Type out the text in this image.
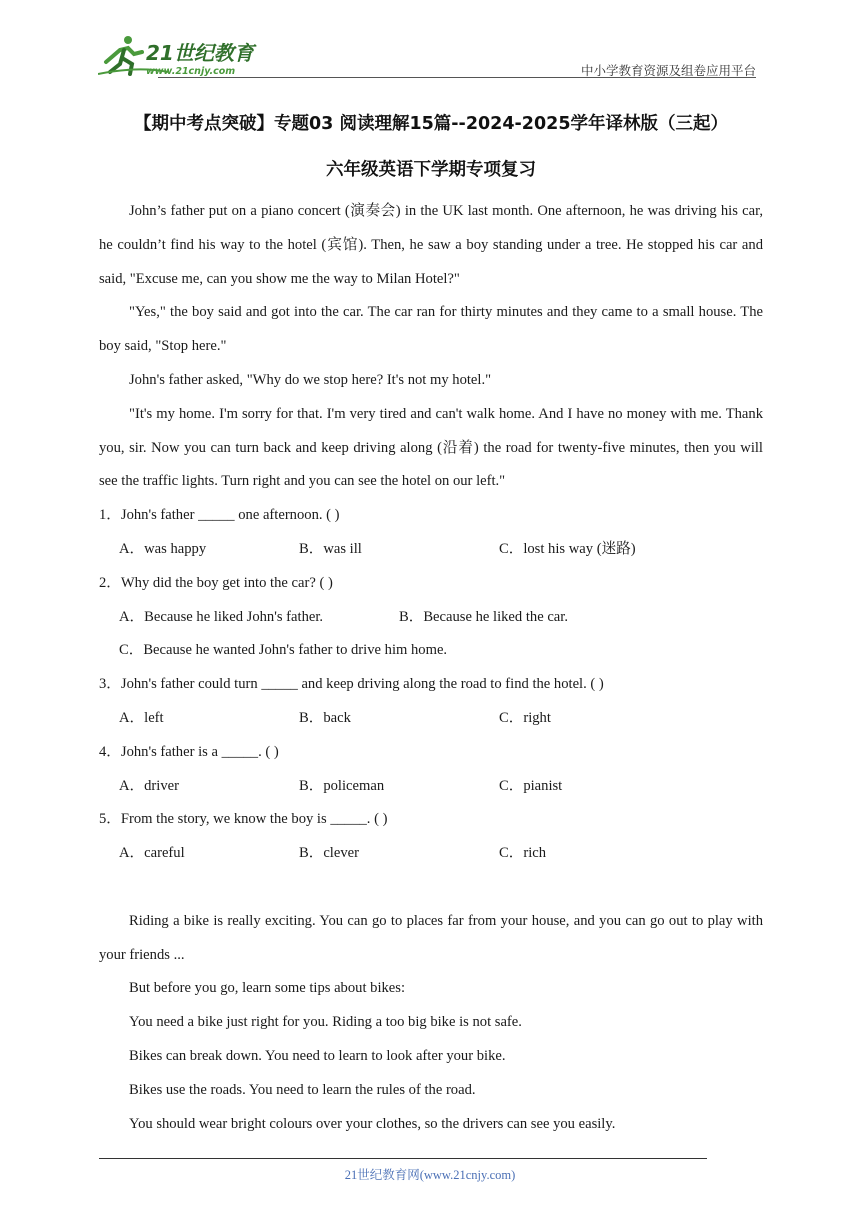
21世纪教育
www.21cnjy.com	中小学教育资源及组卷应用平台
【期中考点突破】专题03 阅读理解15篇--2024-2025学年译林版（三起）
六年级英语下学期专项复习

John’s father put on a piano concert (演奏会) in the UK last month. One afternoon, he was driving his car, he couldn’t find his way to the hotel (宾馆). Then, he saw a boy standing under a tree. He stopped his car and said, "Excuse me, can you show me the way to Milan Hotel?"

"Yes," the boy said and got into the car. The car ran for thirty minutes and they came to a small house. The boy said, "Stop here."

John's father asked, "Why do we stop here? It's not my hotel."

"It's my home. I'm sorry for that. I'm very tired and can't walk home. And I have no money with me. Thank you, sir. Now you can turn back and keep driving along (沿着) the road for twenty-five minutes, then you will see the traffic lights. Turn right and you can see the hotel on our left."

1．John's father _____ one afternoon. ( )

A．was happy	B．was ill	C．lost his way (迷路)

2．Why did the boy get into the car? ( )

A．Because he liked John's father.	B．Because he liked the car.
C．Because he wanted John's father to drive him home.

3．John's father could turn _____ and keep driving along the road to find the hotel. ( )

A．left	B．back	C．right

4．John's father is a _____. ( )

A．driver	B．policeman	C．pianist

5．From the story, we know the boy is _____. ( )

A．careful	B．clever	C．rich

Riding a bike is really exciting. You can go to places far from your house, and you can go out to play with your friends ...

But before you go, learn some tips about bikes:

You need a bike just right for you. Riding a too big bike is not safe.

Bikes can break down. You need to learn to look after your bike.

Bikes use the roads. You need to learn the rules of the road.

You should wear bright colours over your clothes, so the drivers can see you easily.

21世纪教育网(www.21cnjy.com)
